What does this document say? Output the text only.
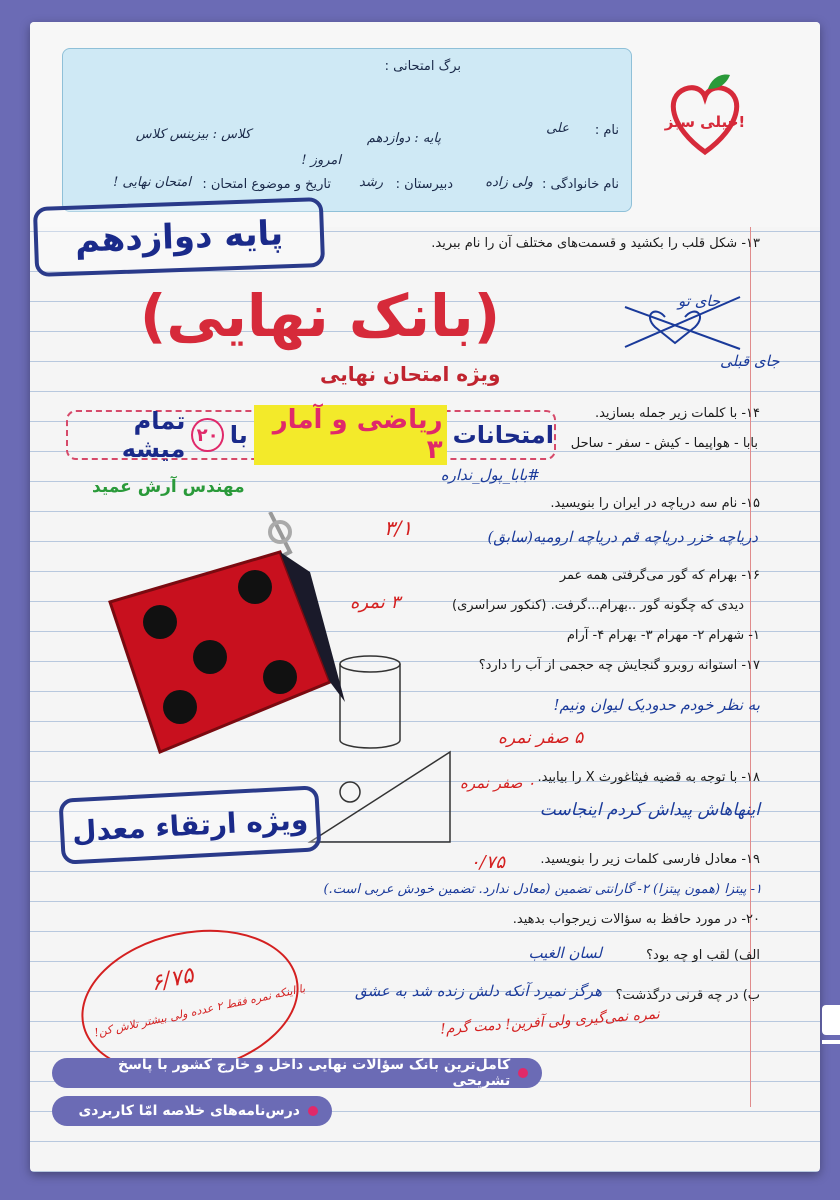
برگ امتحانی :
نام :
علی
پایه : دوازدهم
کلاس : بیزینس کلاس
امروز !
نام خانوادگی :
ولی زاده
دبیرستان :
رشد
تاریخ و موضوع امتحان :
امتحان نهایی !
خیلی سبز!
پایه دوازدهم
(بانک نهایی)
ویژه امتحان نهایی
امتحانات
ریاضی و آمار ۳
با
۲۰
تمام میشه
مهندس آرش عمید
۱۳- شکل قلب را بکشید و قسمت‌های مختلف آن را نام ببرید.
جای تو
جای قبلی
۱۴- با کلمات زیر جمله بسازید.
بابا - هواپیما - کیش - سفر - ساحل
#بابا_پول_نداره
۱۵- نام سه دریاچه در ایران را بنویسید.
دریاچه خزر دریاچه قم دریاچه ارومیه(سابق)
۳/۱
۱۶- بهرام که گور می‌گرفتی همه عمر
دیدی که چگونه گور ..بهرام...گرفت. (کنکور سراسری)
۳ نمره
۱- شهرام ۲- مهرام ۳- بهرام ۴- آرام
۱۷- استوانه روبرو گنجایش چه حجمی از آب را دارد؟
به نظر خودم حدودیک لیوان ونیم!
۵ صفر نمره
۱۸- با توجه به قضیه فیثاغورث X را بیابید.
اینهاهاش پیداش کردم اینجاست
۰ صفر نمره
۱۹- معادل فارسی کلمات زیر را بنویسید.
۰/۷۵
۱- پیتزا (همون پیتزا) ۲- گارانتی تضمین (معادل ندارد. تضمین خودش عربی است.)
۲۰- در مورد حافظ به سؤالات زیرجواب بدهید.
الف) لقب او چه بود؟
لسان الغیب
ب) در چه قرنی درگذشت؟
هرگز نمیرد آنکه دلش زنده شد به عشق
نمره نمی‌گیری ولی آفرین! دمت گرم!
ویژه ارتقاء معدل
۶/۷۵
با اینکه نمره فقط ۲ عدده ولی بیشتر تلاش کن!
کامل‌ترین بانک سؤالات نهایی داخل و خارج کشور با پاسخ تشریحی
درس‌نامه‌های خلاصه امّا کاربردی
